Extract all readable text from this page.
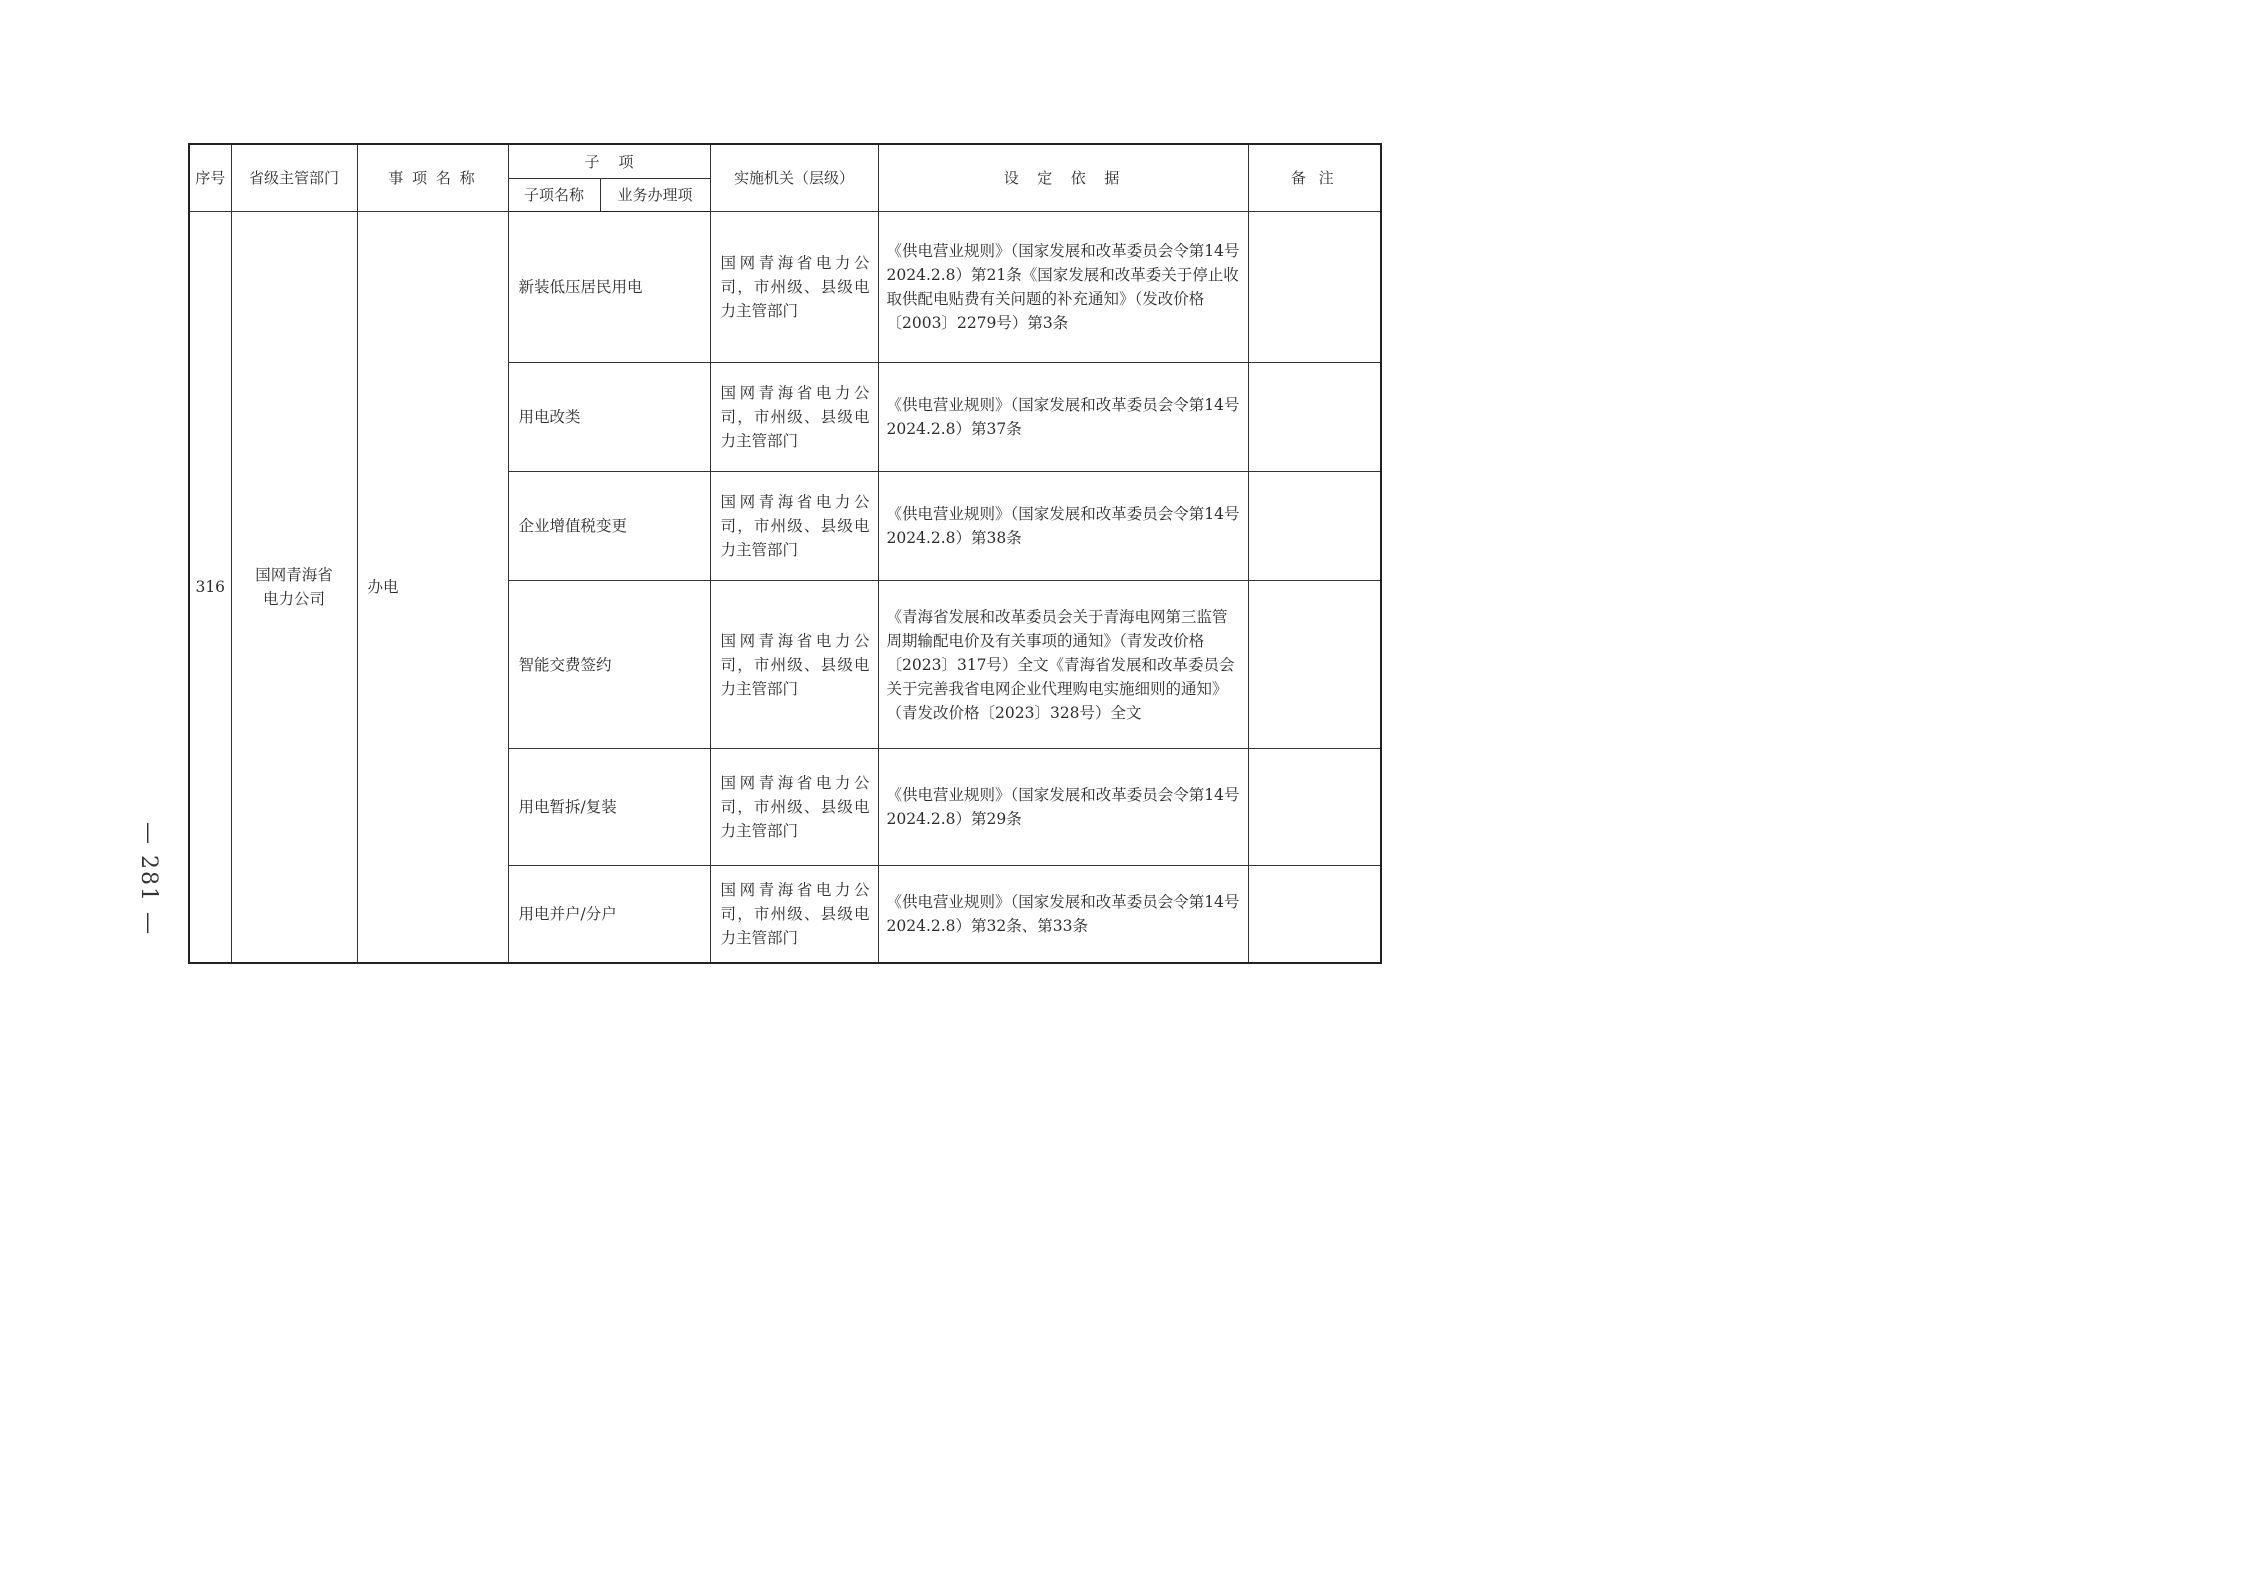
序号	省级主管部门	事 项 名 称	子    项		实施机关（层级）	设  定  依  据	备 注
			子项名称	业务办理项			
316	国网青海省电力公司	办电	新装低压居民用电		国网青海省电力公司，市州级、县级电力主管部门	《供电营业规则》（国家发展和改革委员会令第14号 2024.2.8）第21条《国家发展和改革委关于停止收取供配电贴费有关问题的补充通知》（发改价格〔2003〕2279号）第3条	
			用电改类		国网青海省电力公司，市州级、县级电力主管部门	《供电营业规则》（国家发展和改革委员会令第14号 2024.2.8）第37条	
			企业增值税变更		国网青海省电力公司，市州级、县级电力主管部门	《供电营业规则》（国家发展和改革委员会令第14号 2024.2.8）第38条	
			智能交费签约		国网青海省电力公司，市州级、县级电力主管部门	《青海省发展和改革委员会关于青海电网第三监管周期输配电价及有关事项的通知》（青发改价格〔2023〕317号）全文《青海省发展和改革委员会关于完善我省电网企业代理购电实施细则的通知》（青发改价格〔2023〕328号）全文	
			用电暂拆/复装		国网青海省电力公司，市州级、县级电力主管部门	《供电营业规则》（国家发展和改革委员会令第14号 2024.2.8）第29条	
			用电并户/分户		国网青海省电力公司，市州级、县级电力主管部门	《供电营业规则》（国家发展和改革委员会令第14号 2024.2.8）第32条、第33条	
— 281 —
